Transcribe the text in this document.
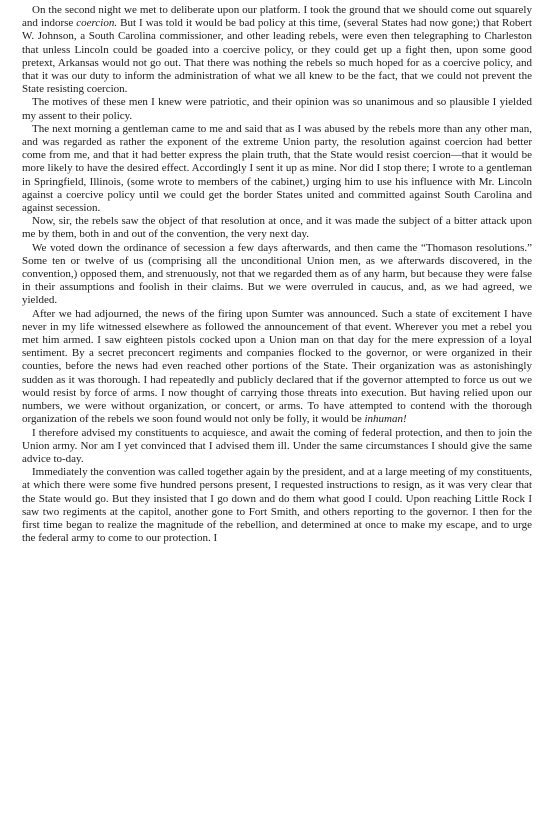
On the second night we met to deliberate upon our platform. I took the ground that we should come out squarely and indorse coercion. But I was told it would be bad policy at this time, (several States had now gone;) that Robert W. Johnson, a South Carolina commissioner, and other leading rebels, were even then telegraphing to Charleston that unless Lincoln could be goaded into a coercive policy, or they could get up a fight then, upon some good pretext, Arkansas would not go out. That there was nothing the rebels so much hoped for as a coercive policy, and that it was our duty to inform the administration of what we all knew to be the fact, that we could not prevent the State resisting coercion.

The motives of these men I knew were patriotic, and their opinion was so unanimous and so plausible I yielded my assent to their policy.

The next morning a gentleman came to me and said that as I was abused by the rebels more than any other man, and was regarded as rather the exponent of the extreme Union party, the resolution against coercion had better come from me, and that it had better express the plain truth, that the State would resist coercion—that it would be more likely to have the desired effect. Accordingly I sent it up as mine. Nor did I stop there; I wrote to a gentleman in Springfield, Illinois, (some wrote to members of the cabinet,) urging him to use his influence with Mr. Lincoln against a coercive policy until we could get the border States united and committed against South Carolina and against secession.

Now, sir, the rebels saw the object of that resolution at once, and it was made the subject of a bitter attack upon me by them, both in and out of the convention, the very next day.

We voted down the ordinance of secession a few days afterwards, and then came the “Thomason resolutions.” Some ten or twelve of us (comprising all the unconditional Union men, as we afterwards discovered, in the convention,) opposed them, and strenuously, not that we regarded them as of any harm, but because they were false in their assumptions and foolish in their claims. But we were overruled in caucus, and, as we had agreed, we yielded.

After we had adjourned, the news of the firing upon Sumter was announced. Such a state of excitement I have never in my life witnessed elsewhere as followed the announcement of that event. Wherever you met a rebel you met him armed. I saw eighteen pistols cocked upon a Union man on that day for the mere expression of a loyal sentiment. By a secret preconcert regiments and companies flocked to the governor, or were organized in their counties, before the news had even reached other portions of the State. Their organization was as astonishingly sudden as it was thorough. I had repeatedly and publicly declared that if the governor attempted to force us out we would resist by force of arms. I now thought of carrying those threats into execution. But having relied upon our numbers, we were without organization, or concert, or arms. To have attempted to contend with the thorough organization of the rebels we soon found would not only be folly, it would be inhuman!

I therefore advised my constituents to acquiesce, and await the coming of federal protection, and then to join the Union army. Nor am I yet convinced that I advised them ill. Under the same circumstances I should give the same advice to-day.

Immediately the convention was called together again by the president, and at a large meeting of my constituents, at which there were some five hundred persons present, I requested instructions to resign, as it was very clear that the State would go. But they insisted that I go down and do them what good I could. Upon reaching Little Rock I saw two regiments at the capitol, another gone to Fort Smith, and others reporting to the governor. I then for the first time began to realize the magnitude of the rebellion, and determined at once to make my escape, and to urge the federal army to come to our protection. I
